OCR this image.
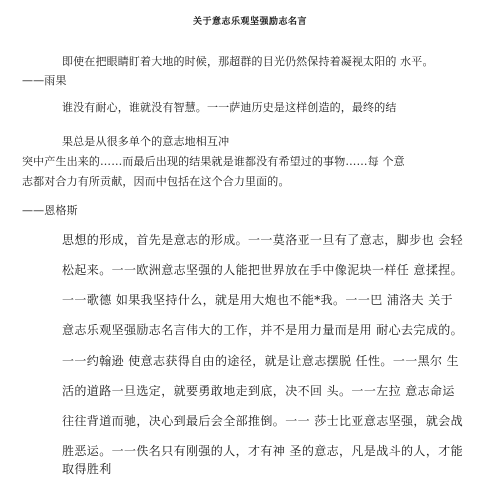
关于意志乐观坚强励志名言
即使在把眼睛盯着大地的时候，那超群的目光仍然保持着凝视太阳的 水平。
——雨果
谁没有耐心，谁就没有智慧。一一萨迪历史是这样创造的，最终的结
果总是从很多单个的意志地相互冲
突中产生出来的……而最后出现的结果就是谁都没有希望过的事物……每 个意
志都对合力有所贡献，因而中包括在这个合力里面的。
——恩格斯
思想的形成，首先是意志的形成。一一莫洛亚一旦有了意志，脚步也 会轻
松起来。一一欧洲意志坚强的人能把世界放在手中像泥块一样任 意揉捏。
一一歌德 如果我坚持什么，就是用大炮也不能*我。一一巴 浦洛夫 关于
意志乐观坚强励志名言伟大的工作，并不是用力量而是用 耐心去完成的。
一一约翰逊 使意志获得自由的途径，就是让意志摆脱 任性。一一黑尔 生
活的道路一旦选定，就要勇敢地走到底，决不回 头。一一左拉 意志命运
往往背道而驰，决心到最后会全部推倒。一一 莎士比亚意志坚强，就会战
胜恶运。一一佚名只有刚强的人，才有神 圣的意志，凡是战斗的人，才能
取得胜利
